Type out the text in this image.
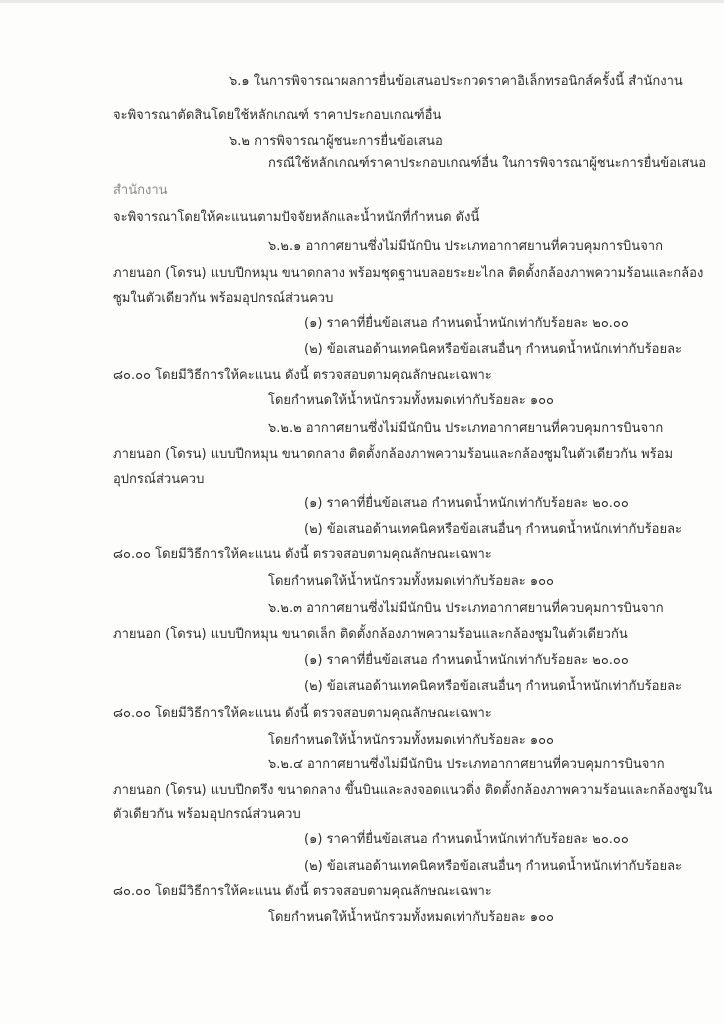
๖.๑ ในการพิจารณาผลการยื่นข้อเสนอประกวดราคาอิเล็กทรอนิกส์ครั้งนี้ สำนักงาน
จะพิจารณาตัดสินโดยใช้หลักเกณฑ์ ราคาประกอบเกณฑ์อื่น
๖.๒ การพิจารณาผู้ชนะการยื่นข้อเสนอ
กรณีใช้หลักเกณฑ์ราคาประกอบเกณฑ์อื่น ในการพิจารณาผู้ชนะการยื่นข้อเสนอ
สำนักงาน
จะพิจารณาโดยให้คะแนนตามปัจจัยหลักและน้ำหนักที่กำหนด ดังนี้
๖.๒.๑ อากาศยานซึ่งไม่มีนักบิน ประเภทอากาศยานที่ควบคุมการบินจาก
ภายนอก (โดรน) แบบปีกหมุน ขนาดกลาง พร้อมชุดฐานบลอยระยะไกล ติดตั้งกล้องภาพความร้อนและกล้อง
ซูมในตัวเดียวกัน พร้อมอุปกรณ์ส่วนควบ
(๑) ราคาที่ยื่นข้อเสนอ กำหนดน้ำหนักเท่ากับร้อยละ ๒๐.๐๐
(๒) ข้อเสนอด้านเทคนิคหรือข้อเสนอื่นๆ กำหนดน้ำหนักเท่ากับร้อยละ
๘๐.๐๐ โดยมีวิธีการให้คะแนน ดังนี้ ตรวจสอบตามคุณลักษณะเฉพาะ
โดยกำหนดให้น้ำหนักรวมทั้งหมดเท่ากับร้อยละ ๑๐๐
๖.๒.๒ อากาศยานซึ่งไม่มีนักบิน ประเภทอากาศยานที่ควบคุมการบินจาก
ภายนอก (โดรน) แบบปีกหมุน ขนาดกลาง ติดตั้งกล้องภาพความร้อนและกล้องซูมในตัวเดียวกัน พร้อม
อุปกรณ์ส่วนควบ
(๑) ราคาที่ยื่นข้อเสนอ กำหนดน้ำหนักเท่ากับร้อยละ ๒๐.๐๐
(๒) ข้อเสนอด้านเทคนิคหรือข้อเสนอื่นๆ กำหนดน้ำหนักเท่ากับร้อยละ
๘๐.๐๐ โดยมีวิธีการให้คะแนน ดังนี้ ตรวจสอบตามคุณลักษณะเฉพาะ
โดยกำหนดให้น้ำหนักรวมทั้งหมดเท่ากับร้อยละ ๑๐๐
๖.๒.๓ อากาศยานซึ่งไม่มีนักบิน ประเภทอากาศยานที่ควบคุมการบินจาก
ภายนอก (โดรน) แบบปีกหมุน ขนาดเล็ก ติดตั้งกล้องภาพความร้อนและกล้องซูมในตัวเดียวกัน
(๑) ราคาที่ยื่นข้อเสนอ กำหนดน้ำหนักเท่ากับร้อยละ ๒๐.๐๐
(๒) ข้อเสนอด้านเทคนิคหรือข้อเสนอื่นๆ กำหนดน้ำหนักเท่ากับร้อยละ
๘๐.๐๐ โดยมีวิธีการให้คะแนน ดังนี้ ตรวจสอบตามคุณลักษณะเฉพาะ
โดยกำหนดให้น้ำหนักรวมทั้งหมดเท่ากับร้อยละ ๑๐๐
๖.๒.๔ อากาศยานซึ่งไม่มีนักบิน ประเภทอากาศยานที่ควบคุมการบินจาก
ภายนอก (โดรน) แบบปีกตรึง ขนาดกลาง ขึ้นบินและลงจอดแนวดิ่ง ติดตั้งกล้องภาพความร้อนและกล้องซูมใน
ตัวเดียวกัน พร้อมอุปกรณ์ส่วนควบ
(๑) ราคาที่ยื่นข้อเสนอ กำหนดน้ำหนักเท่ากับร้อยละ ๒๐.๐๐
(๒) ข้อเสนอด้านเทคนิคหรือข้อเสนอื่นๆ กำหนดน้ำหนักเท่ากับร้อยละ
๘๐.๐๐ โดยมีวิธีการให้คะแนน ดังนี้ ตรวจสอบตามคุณลักษณะเฉพาะ
โดยกำหนดให้น้ำหนักรวมทั้งหมดเท่ากับร้อยละ ๑๐๐
